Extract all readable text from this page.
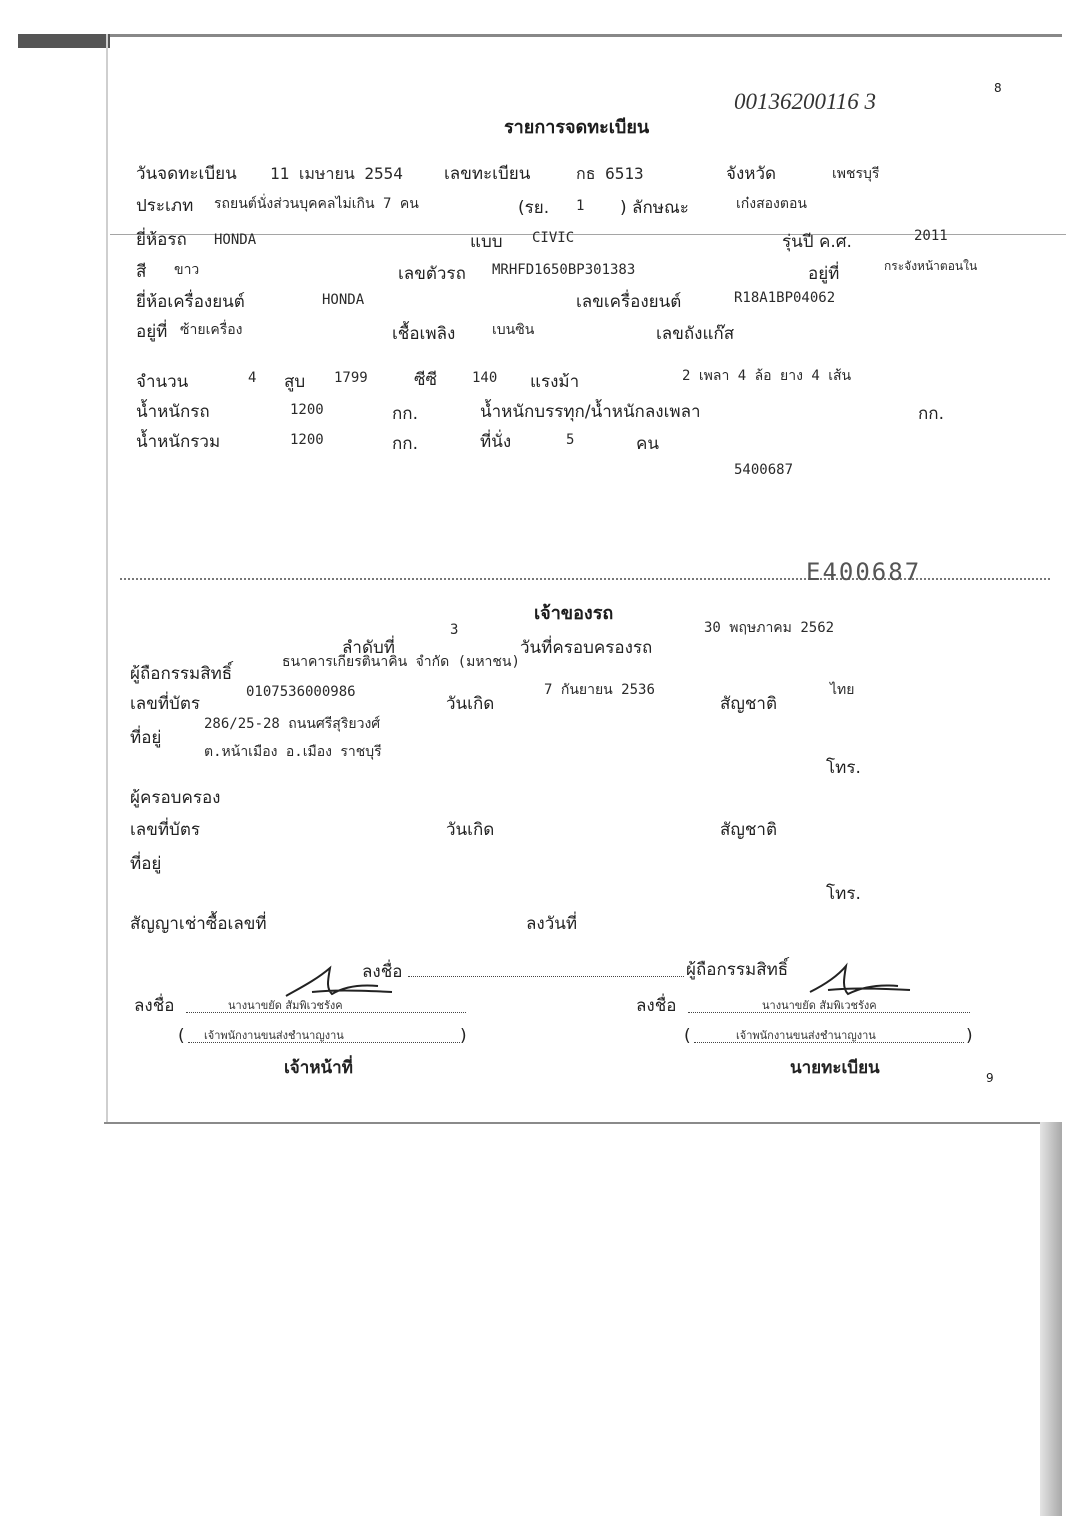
8
00136200116 3
รายการจดทะเบียน
วันจดทะเบียน 11 เมษายน 2554 เลขทะเบียน	กธ 6513	จังหวัด	เพชรบุรี
ประเภท รถยนต์นั่งส่วนบุคคลไม่เกิน 7 คน	(รย. 1 ) ลักษณะ	เก๋งสองตอน
ยี่ห้อรถ HONDA	แบบ CIVIC	รุ่นปี ค.ศ.	2011
สี ขาว	เลขตัวรถ MRHFD1650BP301383	อยู่ที่	กระจังหน้าตอนใน
ยี่ห้อเครื่องยนต์	HONDA	เลขเครื่องยนต์	R18A1BP04062
อยู่ที่ ซ้ายเครื่อง	เชื้อเพลิง	เบนซิน	เลขถังแก๊ส
จำนวน	4 สูบ 1799	ซีซี 140 แรงม้า	2 เพลา 4 ล้อ ยาง 4 เส้น
น้ำหนักรถ	1200	กก.	น้ำหนักบรรทุก/น้ำหนักลงเพลา	กก.
น้ำหนักรวม	1200	กก.	ที่นั่ง	5	คน
5400687
E400687
เจ้าของรถ
3	30 พฤษภาคม 2562
ลำดับที่	วันที่ครอบครองรถ
ธนาคารเกียรตินาคิน จำกัด (มหาชน)
ผู้ถือกรรมสิทธิ์
0107536000986	7 กันยายน 2536	ไทย
เลขที่บัตร	วันเกิด	สัญชาติ
286/25-28 ถนนศรีสุริยวงศ์
ที่อยู่
ต.หน้าเมือง อ.เมือง ราชบุรี
โทร.
ผู้ครอบครอง
เลขที่บัตร	วันเกิด	สัญชาติ
ที่อยู่
โทร.
สัญญาเช่าซื้อเลขที่	ลงวันที่
ลงชื่อ	ผู้ถือกรรมสิทธิ์
ลงชื่อ	นางนาขยัด สัมพิเวชรังค
( เจ้าพนักงานขนส่งชำนาญงาน	)
เจ้าหน้าที่
ลงชื่อ	นางนาขยัด สัมพิเวชรังค
(	เจ้าพนักงานขนส่งชำนาญงาน	)
นายทะเบียน	9
